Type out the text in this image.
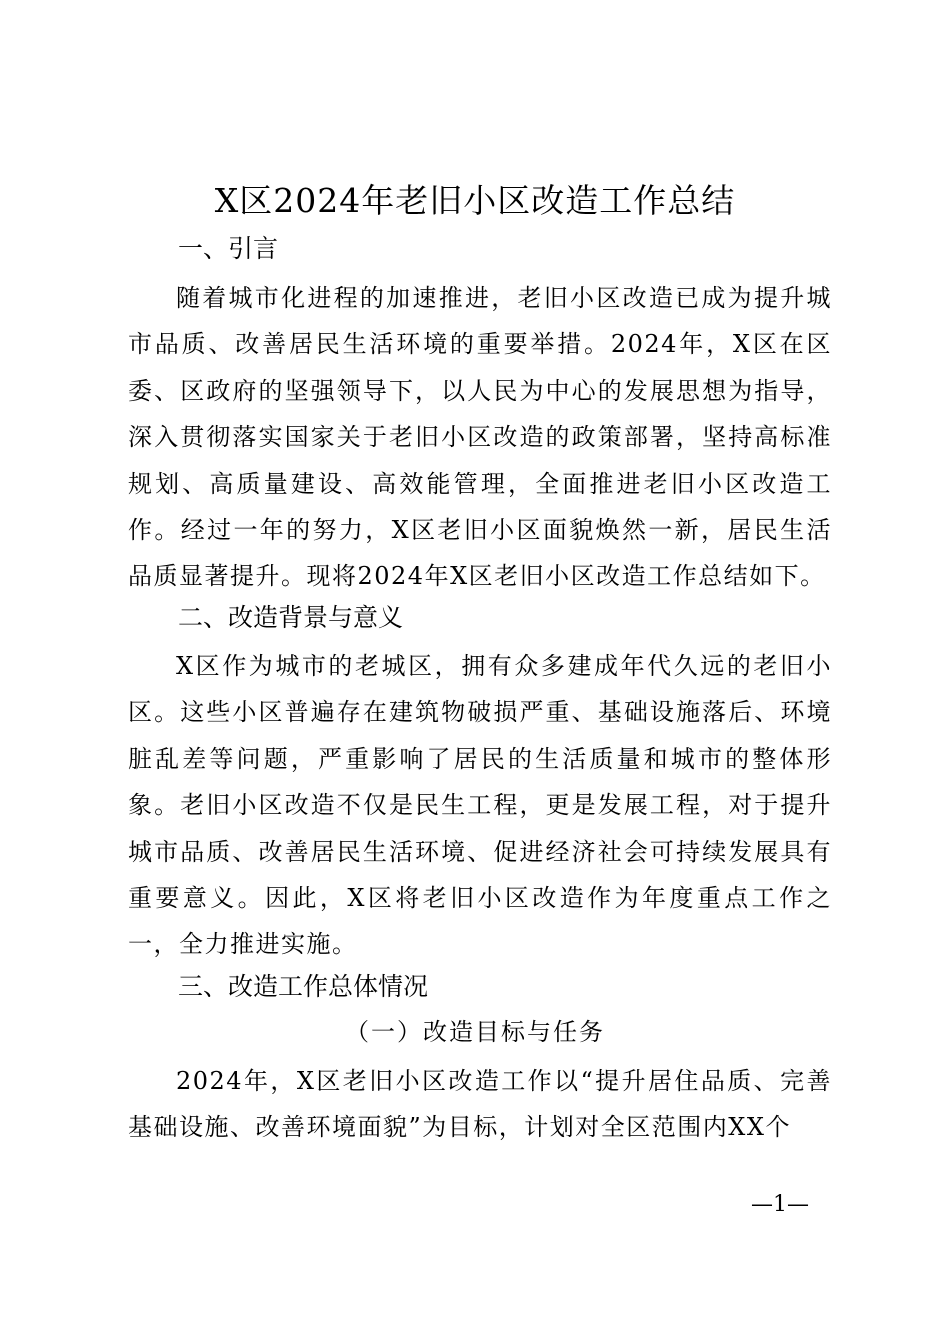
X区2024年老旧小区改造工作总结
一、引言

随着城市化进程的加速推进，老旧小区改造已成为提升城市品质、改善居民生活环境的重要举措。2024年，X区在区委、区政府的坚强领导下，以人民为中心的发展思想为指导，深入贯彻落实国家关于老旧小区改造的政策部署，坚持高标准规划、高质量建设、高效能管理，全面推进老旧小区改造工作。经过一年的努力，X区老旧小区面貌焕然一新，居民生活品质显著提升。现将2024年X区老旧小区改造工作总结如下。

二、改造背景与意义

X区作为城市的老城区，拥有众多建成年代久远的老旧小区。这些小区普遍存在建筑物破损严重、基础设施落后、环境脏乱差等问题，严重影响了居民的生活质量和城市的整体形象。老旧小区改造不仅是民生工程，更是发展工程，对于提升城市品质、改善居民生活环境、促进经济社会可持续发展具有重要意义。因此，X区将老旧小区改造作为年度重点工作之一，全力推进实施。

三、改造工作总体情况
（一）改造目标与任务

2024年，X区老旧小区改造工作以“提升居住品质、完善基础设施、改善环境面貌”为目标，计划对全区范围内XX个

—1—
